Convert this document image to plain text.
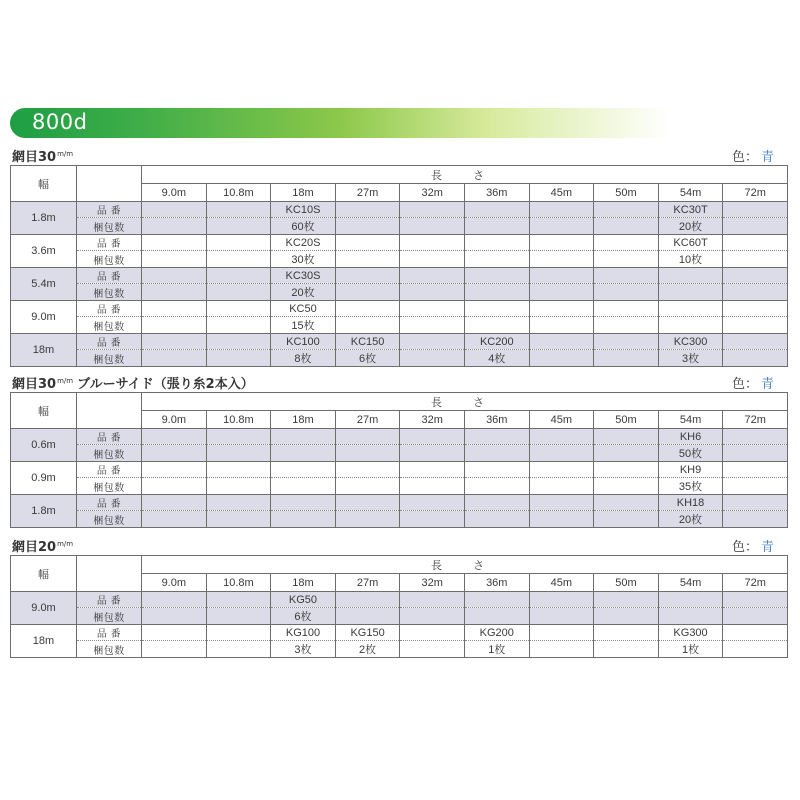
800d
網目$30^{m/m}$	色： 青
幅		長 さ									
		9.0m	10.8m	18m	27m	32m	36m	45m	50m	54m	72m
1.8m	品 番			KC10S						KC30T	
	梱包数			60枚						20枚	
3.6m	品 番			KC20S						KC60T	
	梱包数			30枚						10枚	
5.4m	品 番			KC30S							
	梱包数			20枚							
9.0m	品 番			KC50							
	梱包数			15枚							
18m	品 番			KC100	KC150		KC200			KC300	
	梱包数			8枚	6枚		4枚			3枚	
網目$30^{m/m}$ ブルーサイド（張り糸2本入）	色： 青
幅		長 さ									
		9.0m	10.8m	18m	27m	32m	36m	45m	50m	54m	72m
0.6m	品 番									KH6	
	梱包数									50枚	
0.9m	品 番									KH9	
	梱包数									35枚	
1.8m	品 番									KH18	
	梱包数									20枚	
網目$20^{m/m}$	色： 青
幅		長 さ									
		9.0m	10.8m	18m	27m	32m	36m	45m	50m	54m	72m
9.0m	品 番			KG50							
	梱包数			6枚							
18m	品 番			KG100	KG150		KG200			KG300	
	梱包数			3枚	2枚		1枚			1枚	
